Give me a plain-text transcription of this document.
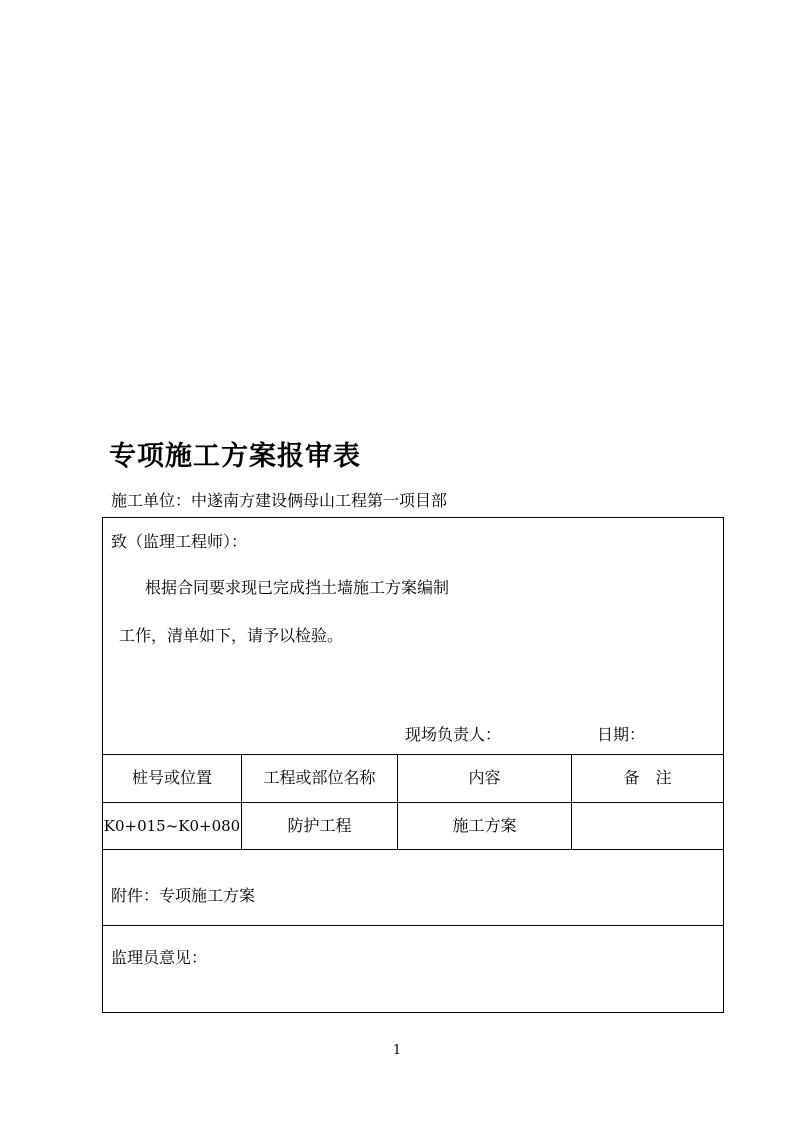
专项施工方案报审表
施工单位：中遂南方建设俩母山工程第一项目部
致（监理工程师）：
根据合同要求现已完成挡土墙施工方案编制
工作，清单如下，请予以检验。
现场负责人：	日期：
桩号或位置	工程或部位名称	内容	备　注
K0+015~K0+080	防护工程	施工方案
附件：专项施工方案
监理员意见：
1
